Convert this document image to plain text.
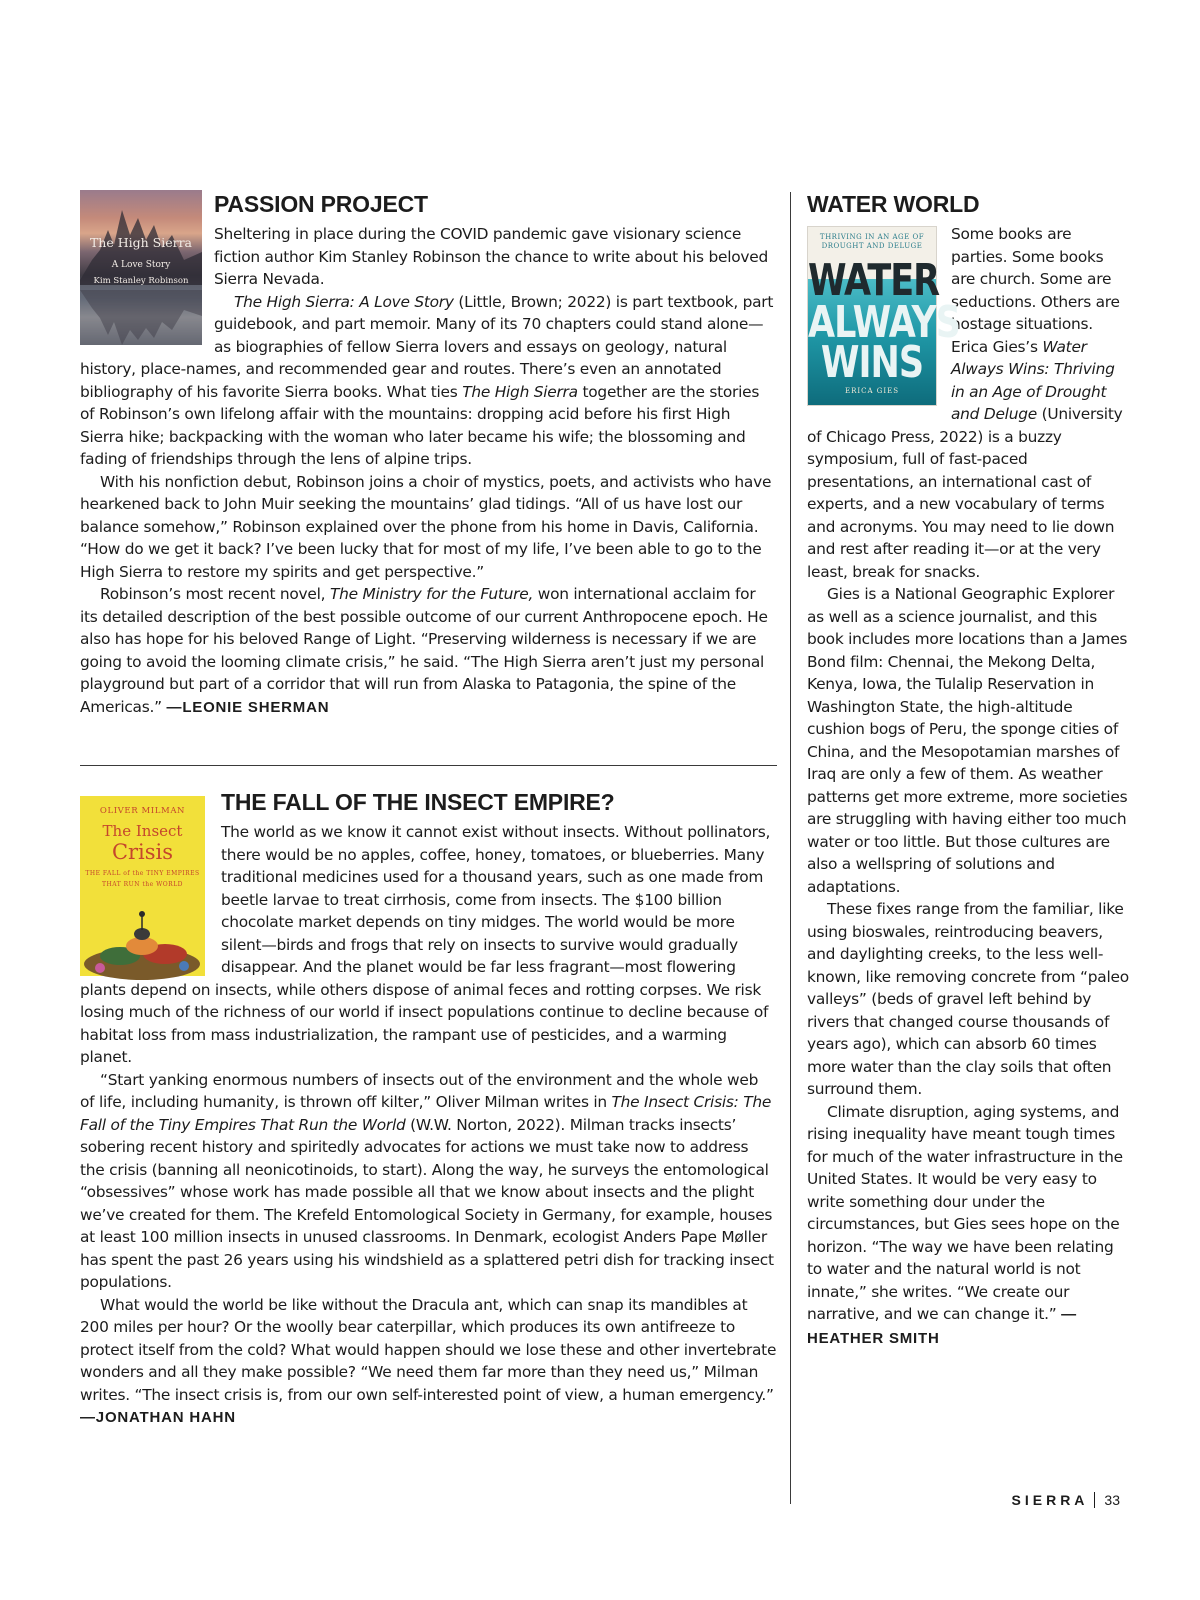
The High Sierra
A Love Story
Kim Stanley Robinson
PASSION PROJECT

Sheltering in place during the COVID pandemic gave visionary science fiction author Kim Stanley Robinson the chance to write about his beloved Sierra Nevada.

The High Sierra: A Love Story (Little, Brown; 2022) is part textbook, part guidebook, and part memoir. Many of its 70 chapters could stand alone—as biographies of fellow Sierra lovers and essays on geology, natural history, place-names, and recommended gear and routes. There’s even an annotated bibliography of his favorite Sierra books. What ties The High Sierra together are the stories of Robinson’s own lifelong affair with the mountains: dropping acid before his first High Sierra hike; backpacking with the woman who later became his wife; the blossoming and fading of friendships through the lens of alpine trips.

With his nonfiction debut, Robinson joins a choir of mystics, poets, and activists who have hearkened back to John Muir seeking the mountains’ glad tidings. “All of us have lost our balance somehow,” Robinson explained over the phone from his home in Davis, California. “How do we get it back? I’ve been lucky that for most of my life, I’ve been able to go to the High Sierra to restore my spirits and get perspective.”

Robinson’s most recent novel, The Ministry for the Future, won international acclaim for its detailed description of the best possible outcome of our current Anthropocene epoch. He also has hope for his beloved Range of Light. “Preserving wilderness is necessary if we are going to avoid the looming climate crisis,” he said. “The High Sierra aren’t just my personal playground but part of a corridor that will run from Alaska to Patagonia, the spine of the Americas.” —LEONIE SHERMAN

OLIVER MILMAN
The Insect
Crisis
THE FALL of the TINY EMPIRES THAT RUN the WORLD
THE FALL OF THE INSECT EMPIRE?

The world as we know it cannot exist without insects. Without pollinators, there would be no apples, coffee, honey, tomatoes, or blueberries. Many traditional medicines used for a thousand years, such as one made from beetle larvae to treat cirrhosis, come from insects. The $100 billion chocolate market depends on tiny midges. The world would be more silent—birds and frogs that rely on insects to survive would gradually disappear. And the planet would be far less fragrant—most flowering plants depend on insects, while others dispose of animal feces and rotting corpses. We risk losing much of the richness of our world if insect populations continue to decline because of habitat loss from mass industrialization, the rampant use of pesticides, and a warming planet.

“Start yanking enormous numbers of insects out of the environment and the whole web of life, including humanity, is thrown off kilter,” Oliver Milman writes in The Insect Crisis: The Fall of the Tiny Empires That Run the World (W.W. Norton, 2022). Milman tracks insects’ sobering recent history and spiritedly advocates for actions we must take now to address the crisis (banning all neonicotinoids, to start). Along the way, he surveys the entomological “obsessives” whose work has made possible all that we know about insects and the plight we’ve created for them. The Krefeld Entomological Society in Germany, for example, houses at least 100 million insects in unused classrooms. In Denmark, ecologist Anders Pape Møller has spent the past 26 years using his windshield as a splattered petri dish for tracking insect populations.

What would the world be like without the Dracula ant, which can snap its mandibles at 200 miles per hour? Or the woolly bear caterpillar, which produces its own antifreeze to protect itself from the cold? What would happen should we lose these and other invertebrate wonders and all they make possible? “We need them far more than they need us,” Milman writes. “The insect crisis is, from our own self-interested point of view, a human emergency.” —JONATHAN HAHN

WATER WORLD
THRIVING IN AN AGE OF DROUGHT AND DELUGE
WATER
ALWAYS
WINS
ERICA GIES

Some books are parties. Some books are church. Some are seductions. Others are hostage situations. Erica Gies’s Water Always Wins: Thriving in an Age of Drought and Deluge (University of Chicago Press, 2022) is a buzzy symposium, full of fast-paced presentations, an international cast of experts, and a new vocabulary of terms and acronyms. You may need to lie down and rest after reading it—or at the very least, break for snacks.

Gies is a National Geographic Explorer as well as a science journalist, and this book includes more locations than a James Bond film: Chennai, the Mekong Delta, Kenya, Iowa, the Tulalip Reservation in Washington State, the high-altitude cushion bogs of Peru, the sponge cities of China, and the Mesopotamian marshes of Iraq are only a few of them. As weather patterns get more extreme, more societies are struggling with having either too much water or too little. But those cultures are also a wellspring of solutions and adaptations.

These fixes range from the familiar, like using bioswales, reintroducing beavers, and daylighting creeks, to the less well-known, like removing concrete from “paleo valleys” (beds of gravel left behind by rivers that changed course thousands of years ago), which can absorb 60 times more water than the clay soils that often surround them.

Climate disruption, aging systems, and rising inequality have meant tough times for much of the water infrastructure in the United States. It would be very easy to write something dour under the circumstances, but Gies sees hope on the horizon. “The way we have been relating to water and the natural world is not innate,” she writes. “We create our narrative, and we can change it.” —HEATHER SMITH

SIERRA 33
